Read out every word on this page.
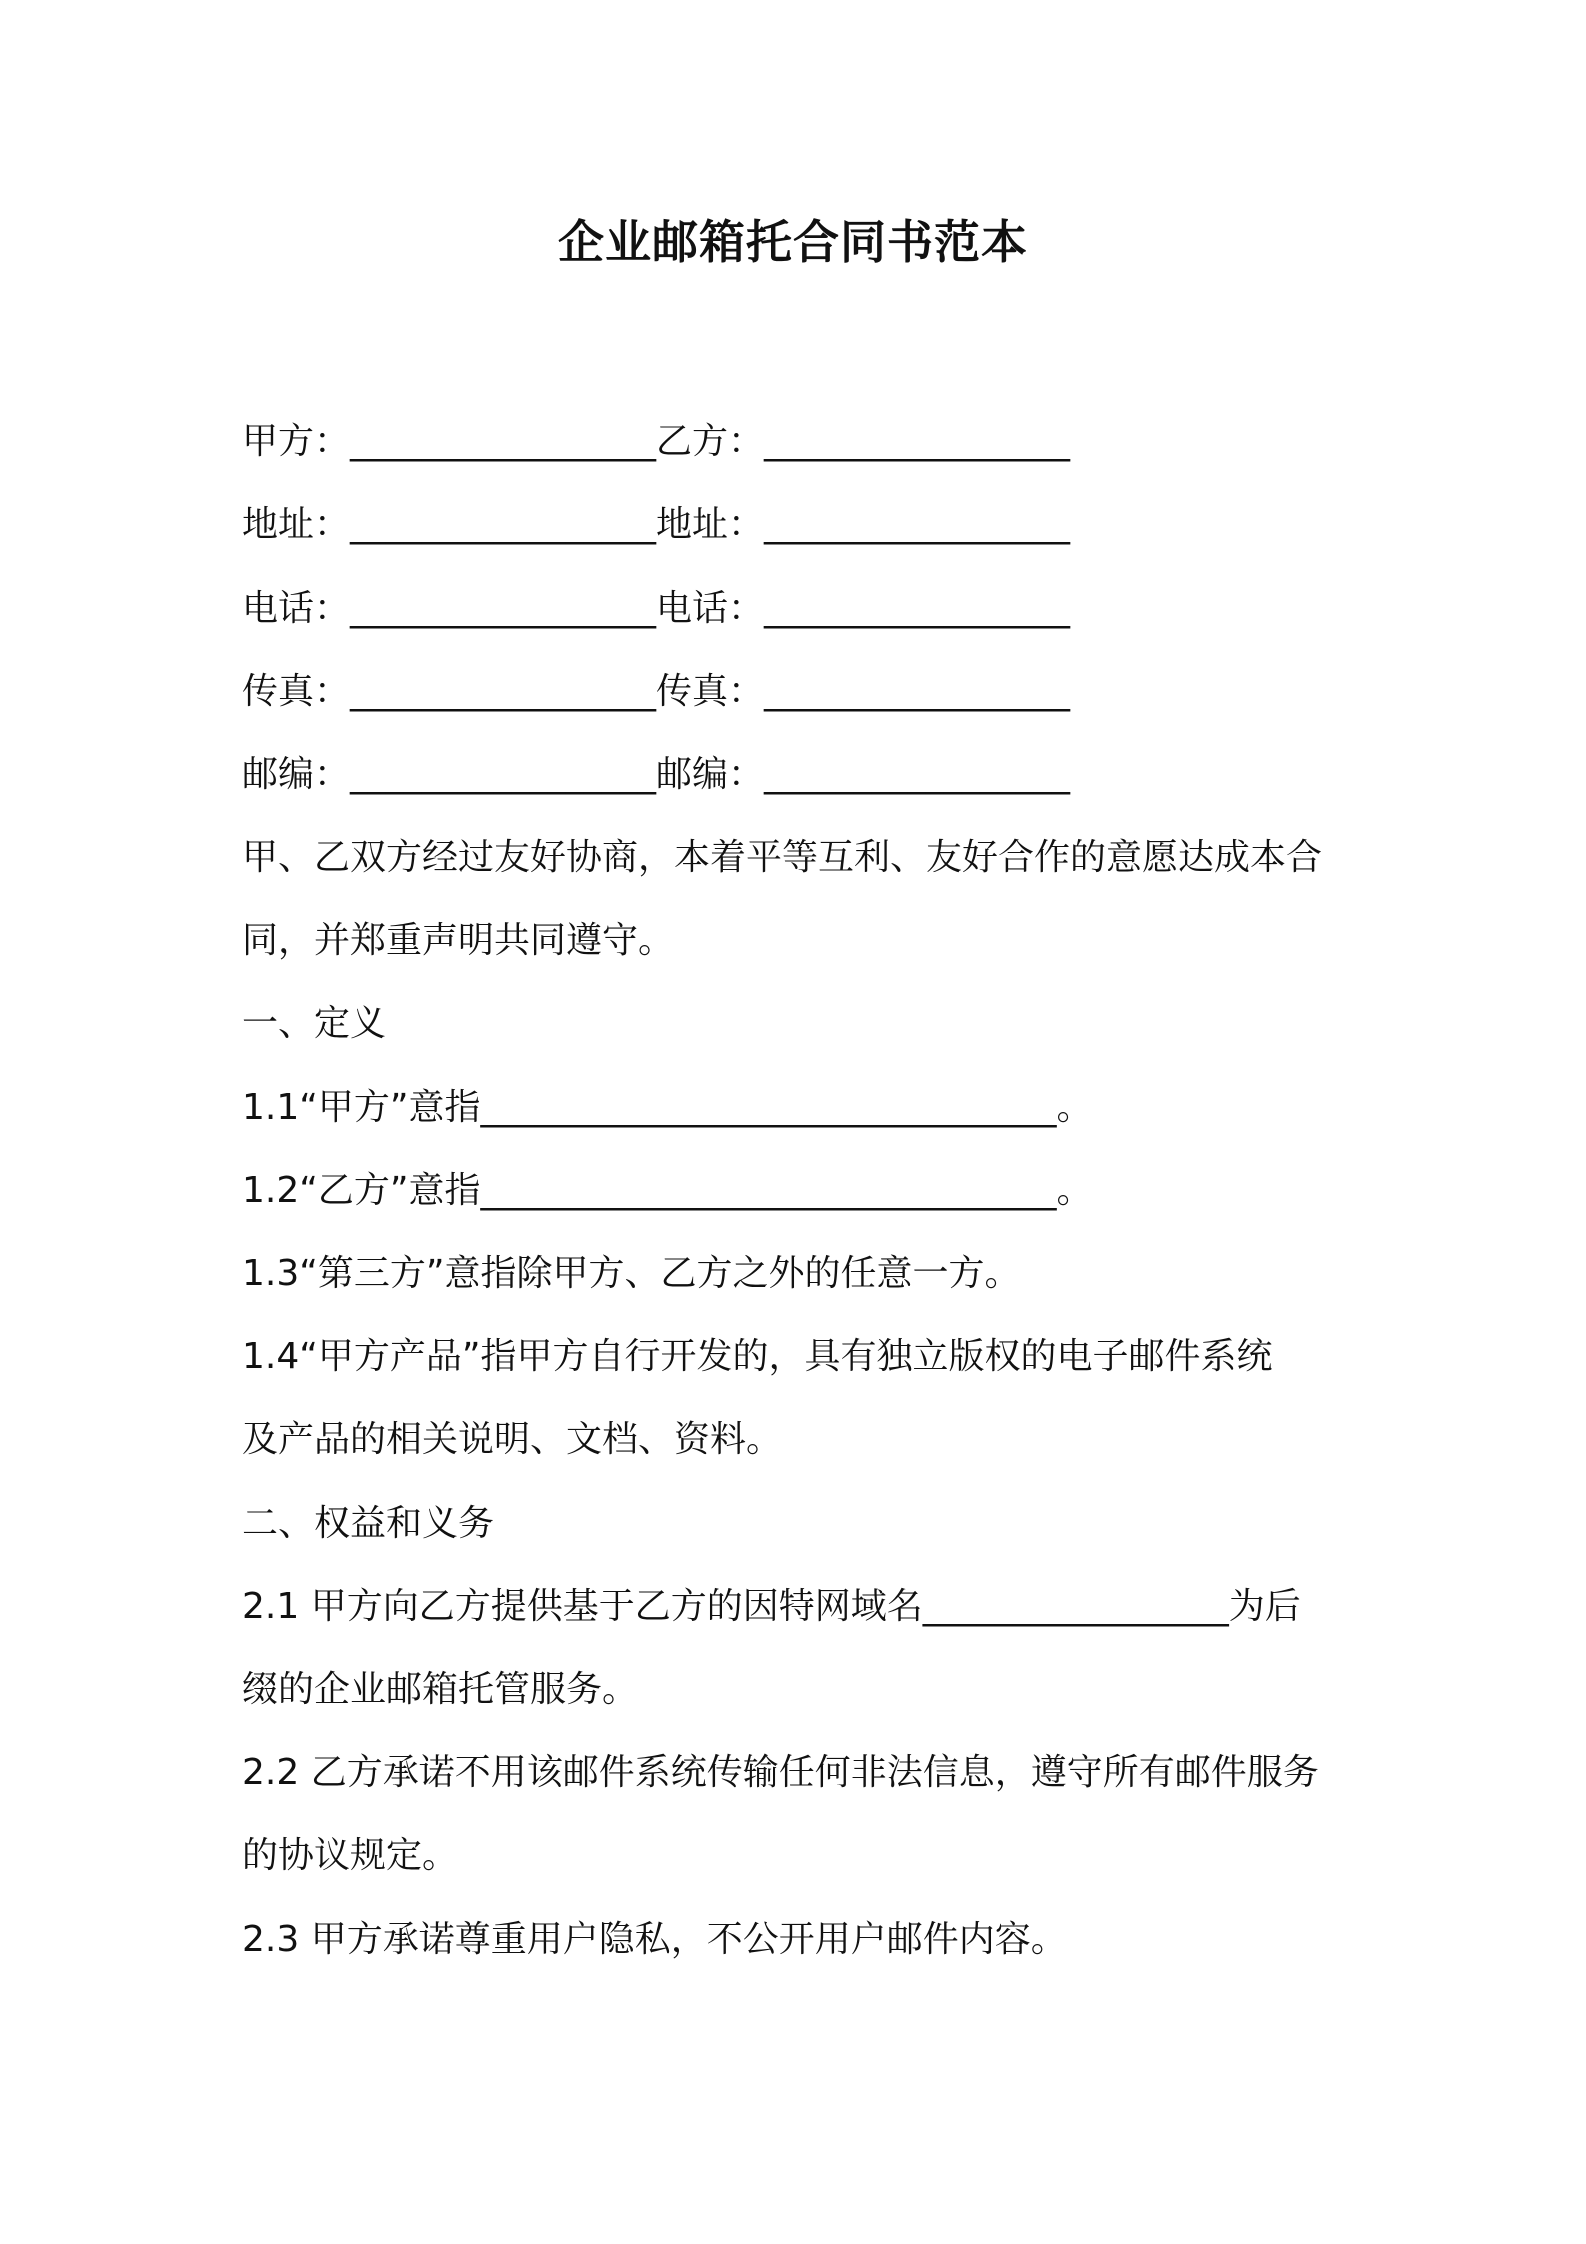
企业邮箱托合同书范本
甲方：_________________乙方：_________________
地址：_________________地址：_________________
电话：_________________电话：_________________
传真：_________________传真：_________________
邮编：_________________邮编：_________________
甲、乙双方经过友好协商，本着平等互利、友好合作的意愿达成本合
同，并郑重声明共同遵守。
一、定义
1.1“甲方”意指________________________________。
1.2“乙方”意指________________________________。
1.3“第三方”意指除甲方、乙方之外的任意一方。
1.4“甲方产品”指甲方自行开发的，具有独立版权的电子邮件系统
及产品的相关说明、文档、资料。
二、权益和义务
2.1 甲方向乙方提供基于乙方的因特网域名_________________为后
缀的企业邮箱托管服务。
2.2 乙方承诺不用该邮件系统传输任何非法信息，遵守所有邮件服务
的协议规定。
2.3 甲方承诺尊重用户隐私，不公开用户邮件内容。
